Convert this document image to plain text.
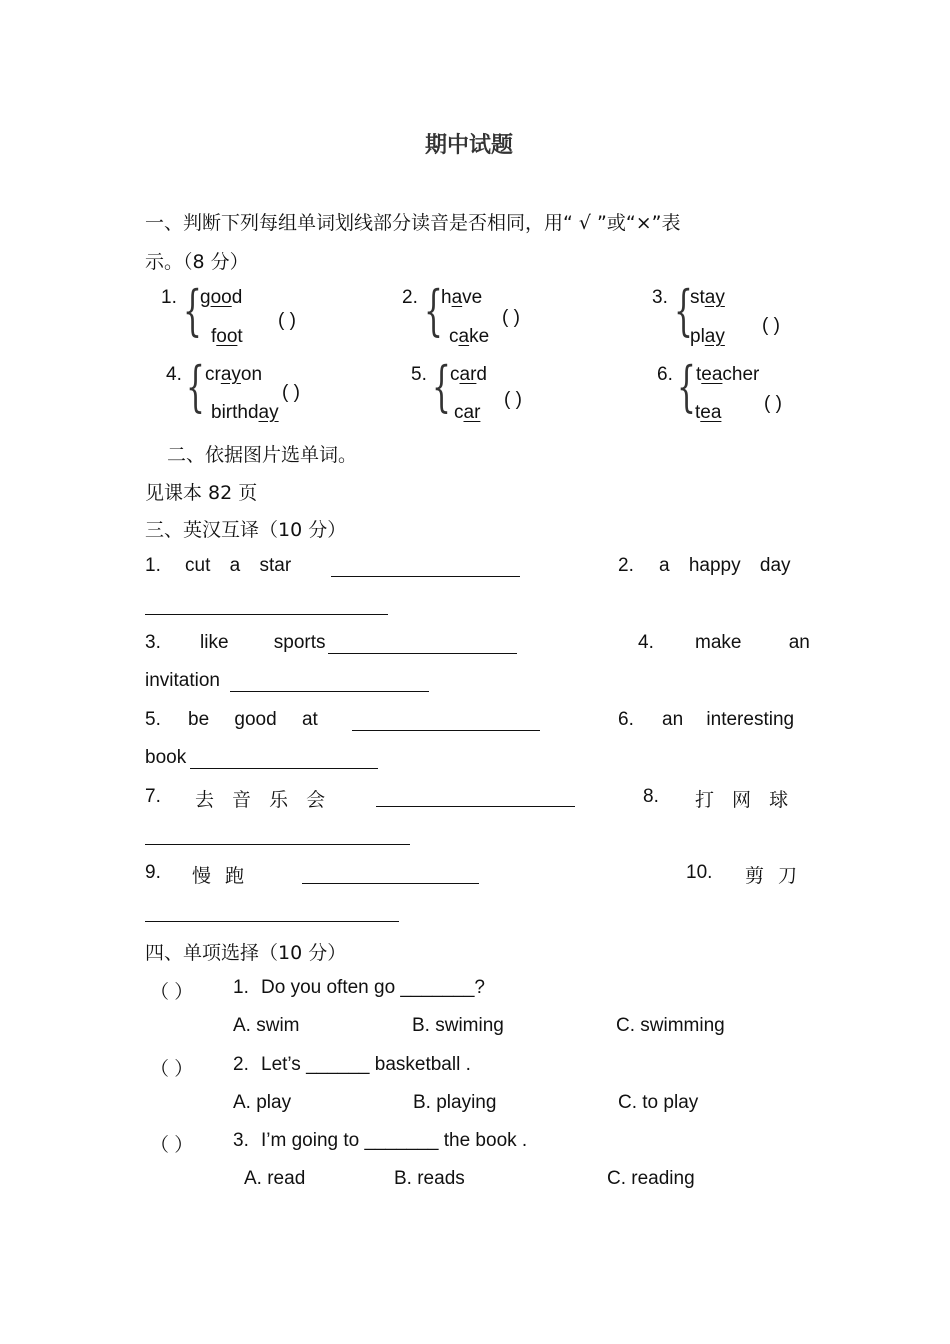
期中试题
一、判断下列每组单词划线部分读音是否相同，用“ √ ”或“×”表
示。（8 分）
1. {
good
foot
( )
2. {
have
cake
( )
3. {
stay
play
( )
4. { crayon
birthday
( )
5. { card
car
( )
6. { teacher
tea ( )
二、依据图片选单词。
见课本 82 页
三、英汉互译（10 分）
1. cut a star	2. a happy day
3. like sports	4. make an
invitation
5. be good at	6. an interesting
book
7. 去 音 乐 会	8. 打 网 球
9. 慢 跑	10. 剪 刀
四、单项选择（10 分）
（ ） 1. Do you often go _______?
A. swim	B. swiming	C. swimming
（ ） 2. Let’s ______ basketball .
A. play	B. playing	C. to play
（ ） 3. I’m going to _______ the book .
A. read	B. reads	C. reading
